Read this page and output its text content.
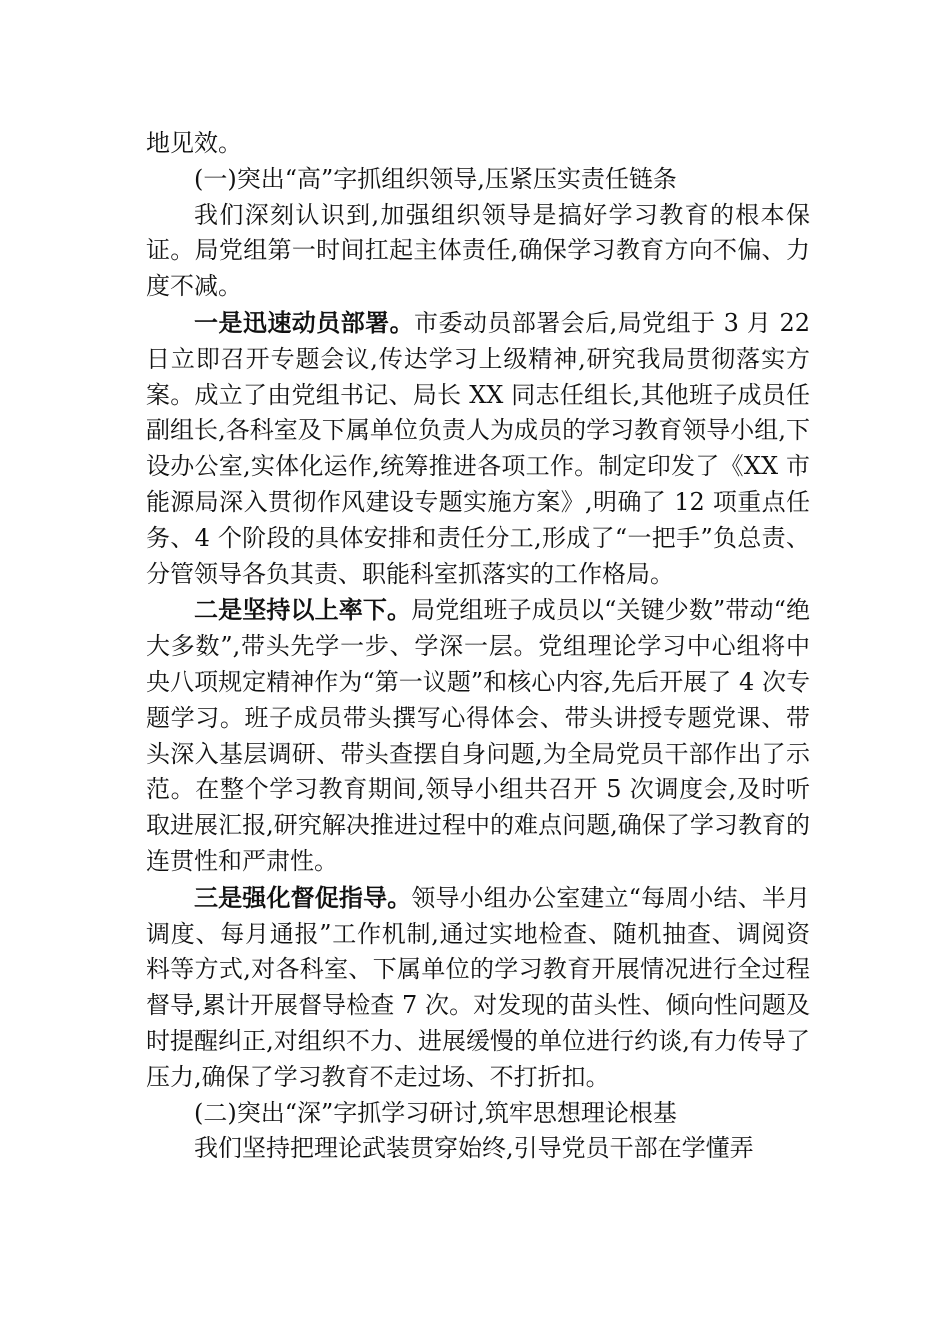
地见效。

(一)突出“高”字抓组织领导,压紧压实责任链条

我们深刻认识到,加强组织领导是搞好学习教育的根本保证。局党组第一时间扛起主体责任,确保学习教育方向不偏、力度不减。

一是迅速动员部署。市委动员部署会后,局党组于 3 月 22 日立即召开专题会议,传达学习上级精神,研究我局贯彻落实方案。成立了由党组书记、局长 XX 同志任组长,其他班子成员任副组长,各科室及下属单位负责人为成员的学习教育领导小组,下设办公室,实体化运作,统筹推进各项工作。制定印发了《XX 市能源局深入贯彻作风建设专题实施方案》,明确了 12 项重点任务、4 个阶段的具体安排和责任分工,形成了“一把手”负总责、分管领导各负其责、职能科室抓落实的工作格局。

二是坚持以上率下。局党组班子成员以“关键少数”带动“绝大多数”,带头先学一步、学深一层。党组理论学习中心组将中央八项规定精神作为“第一议题”和核心内容,先后开展了 4 次专题学习。班子成员带头撰写心得体会、带头讲授专题党课、带头深入基层调研、带头查摆自身问题,为全局党员干部作出了示范。在整个学习教育期间,领导小组共召开 5 次调度会,及时听取进展汇报,研究解决推进过程中的难点问题,确保了学习教育的连贯性和严肃性。

三是强化督促指导。领导小组办公室建立“每周小结、半月调度、每月通报”工作机制,通过实地检查、随机抽查、调阅资料等方式,对各科室、下属单位的学习教育开展情况进行全过程督导,累计开展督导检查 7 次。对发现的苗头性、倾向性问题及时提醒纠正,对组织不力、进展缓慢的单位进行约谈,有力传导了压力,确保了学习教育不走过场、不打折扣。

(二)突出“深”字抓学习研讨,筑牢思想理论根基

我们坚持把理论武装贯穿始终,引导党员干部在学懂弄
